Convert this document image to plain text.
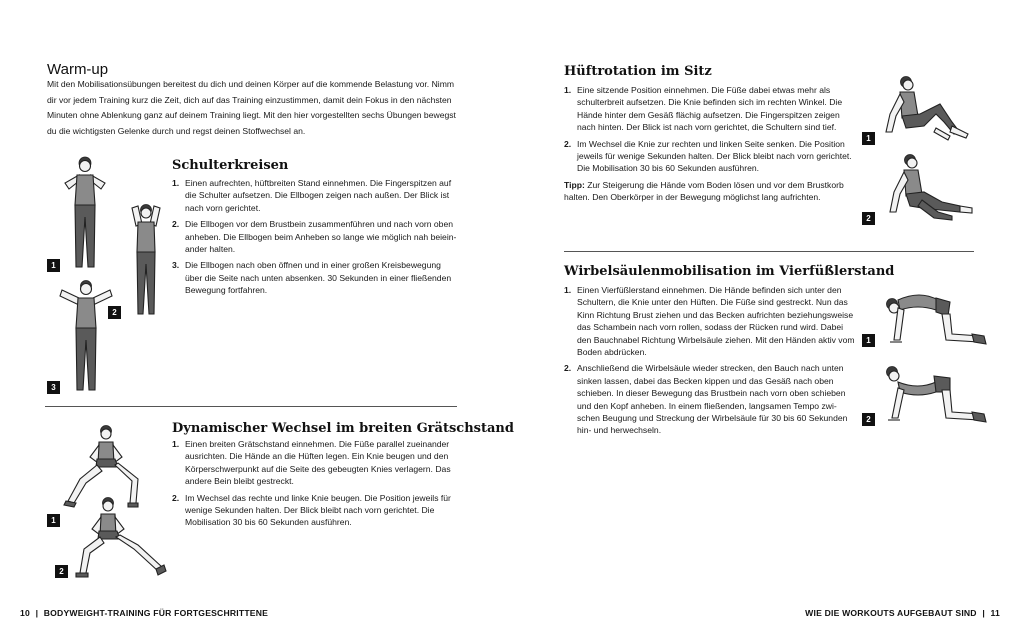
Warm-up

Mit den Mobilisationsübungen bereitest du dich und deinen Körper auf die kommende Belastung vor. Nimm

dir vor jedem Training kurz die Zeit, dich auf das Training einzustimmen, damit dein Fokus in den nächsten

Minuten ohne Ablenkung ganz auf deinem Training liegt. Mit den hier vorgestellten sechs Übungen bewegst

du die wichtigsten Gelenke durch und regst deinen Stoffwechsel an.

1
2
3
Schulterkreisen
1. Einen aufrechten, hüftbreiten Stand einnehmen. Die Fingerspitzen auf die Schulter aufsetzen. Die Ellbogen zeigen nach außen. Der Blick ist nach vorn gerichtet.
2. Die Ellbogen vor dem Brustbein zusammenführen und nach vorn oben anheben. Die Ellbogen beim Anheben so lange wie möglich nah beieinander halten.
3. Die Ellbogen nach oben öffnen und in einer großen Kreisbewegung über die Seite nach unten absenken. 30 Sekunden in einer fließenden Bewegung fortfahren.
1
2
Dynamischer Wechsel im breiten Grätschstand
1. Einen breiten Grätschstand einnehmen. Die Füße parallel zueinander ausrichten. Die Hände an die Hüften legen. Ein Knie beugen und den Körperschwerpunkt auf die Seite des gebeugten Knies verlagern. Das andere Bein bleibt gestreckt.
2. Im Wechsel das rechte und linke Knie beugen. Die Position jeweils für wenige Sekunden halten. Der Blick bleibt nach vorn gerichtet. Die Mobilisation 30 bis 60 Sekunden ausführen.
10 | BODYWEIGHT-TRAINING FÜR FORTGESCHRITTENE
Hüftrotation im Sitz
1. Eine sitzende Position einnehmen. Die Füße dabei etwas mehr als schulterbreit aufsetzen. Die Knie befinden sich im rechten Winkel. Die Hände hinter dem Gesäß flächig aufsetzen. Die Fingerspitzen zeigen nach hinten. Der Blick ist nach vorn gerichtet, die Schultern sind tief.
2. Im Wechsel die Knie zur rechten und linken Seite senken. Die Position jeweils für wenige Sekunden halten. Der Blick bleibt nach vorn gerichtet. Die Mobilisation 30 bis 60 Sekunden ausführen.

Tipp: Zur Steigerung die Hände vom Boden lösen und vor dem Brustkorb halten. Den Oberkörper in der Bewegung möglichst lang aufrichten.

1
2
Wirbelsäulenmobilisation im Vierfüßlerstand
1. Einen Vierfüßlerstand einnehmen. Die Hände befinden sich unter den Schultern, die Knie unter den Hüften. Die Füße sind gestreckt. Nun das Kinn Richtung Brust ziehen und das Becken aufrichten beziehungsweise das Schambein nach vorn rollen, sodass der Rücken rund wird. Dabei den Bauchnabel Richtung Wirbelsäule ziehen. Mit den Händen aktiv vom Boden abdrücken.
2. Anschließend die Wirbelsäule wieder strecken, den Bauch nach unten sinken lassen, dabei das Becken kippen und das Gesäß nach oben schieben. In dieser Bewegung das Brustbein nach vorn oben schieben und den Kopf anheben. In einem fließenden, langsamen Tempo zwischen Beugung und Streckung der Wirbelsäule für 30 bis 60 Sekunden hin- und herwechseln.
1
2
WIE DIE WORKOUTS AUFGEBAUT SIND | 11
